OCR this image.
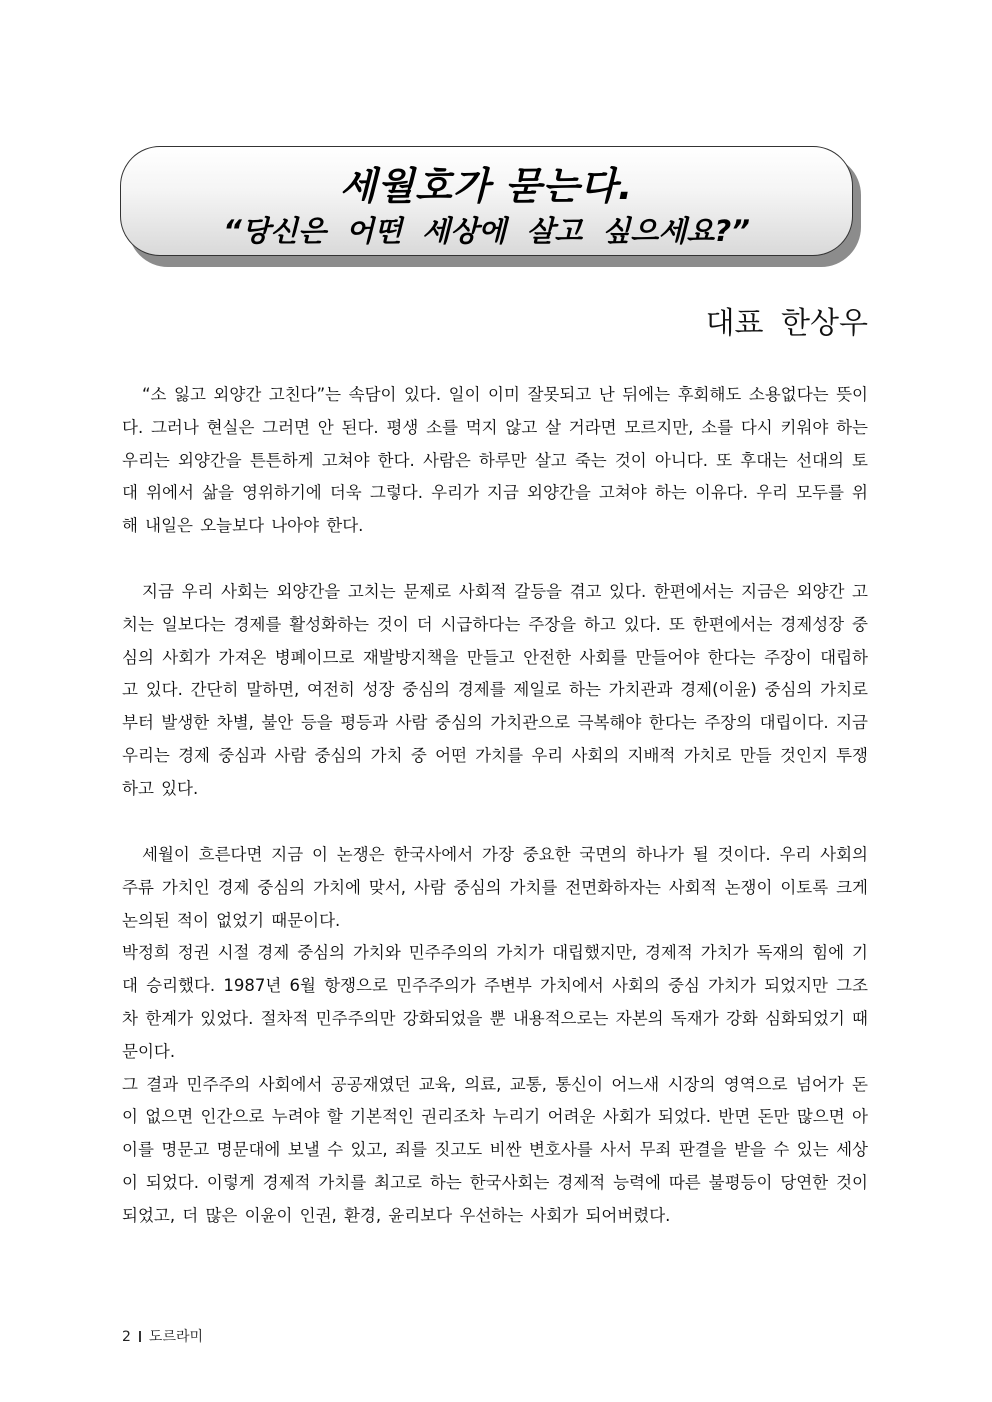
세월호가 묻는다.
“당신은 어떤 세상에 살고 싶으세요?”
대표 한상우

“소 잃고 외양간 고친다”는 속담이 있다. 일이 이미 잘못되고 난 뒤에는 후회해도 소용없다는 뜻이다. 그러나 현실은 그러면 안 된다. 평생 소를 먹지 않고 살 거라면 모르지만, 소를 다시 키워야 하는 우리는 외양간을 튼튼하게 고쳐야 한다. 사람은 하루만 살고 죽는 것이 아니다. 또 후대는 선대의 토대 위에서 삶을 영위하기에 더욱 그렇다. 우리가 지금 외양간을 고쳐야 하는 이유다. 우리 모두를 위해 내일은 오늘보다 나아야 한다.

지금 우리 사회는 외양간을 고치는 문제로 사회적 갈등을 겪고 있다. 한편에서는 지금은 외양간 고치는 일보다는 경제를 활성화하는 것이 더 시급하다는 주장을 하고 있다. 또 한편에서는 경제성장 중심의 사회가 가져온 병폐이므로 재발방지책을 만들고 안전한 사회를 만들어야 한다는 주장이 대립하고 있다. 간단히 말하면, 여전히 성장 중심의 경제를 제일로 하는 가치관과 경제(이윤) 중심의 가치로부터 발생한 차별, 불안 등을 평등과 사람 중심의 가치관으로 극복해야 한다는 주장의 대립이다. 지금 우리는 경제 중심과 사람 중심의 가치 중 어떤 가치를 우리 사회의 지배적 가치로 만들 것인지 투쟁하고 있다.

세월이 흐른다면 지금 이 논쟁은 한국사에서 가장 중요한 국면의 하나가 될 것이다. 우리 사회의 주류 가치인 경제 중심의 가치에 맞서, 사람 중심의 가치를 전면화하자는 사회적 논쟁이 이토록 크게 논의된 적이 없었기 때문이다.

박정희 정권 시절 경제 중심의 가치와 민주주의의 가치가 대립했지만, 경제적 가치가 독재의 힘에 기대 승리했다. 1987년 6월 항쟁으로 민주주의가 주변부 가치에서 사회의 중심 가치가 되었지만 그조차 한계가 있었다. 절차적 민주주의만 강화되었을 뿐 내용적으로는 자본의 독재가 강화 심화되었기 때문이다.

그 결과 민주주의 사회에서 공공재였던 교육, 의료, 교통, 통신이 어느새 시장의 영역으로 넘어가 돈이 없으면 인간으로 누려야 할 기본적인 권리조차 누리기 어려운 사회가 되었다. 반면 돈만 많으면 아이를 명문고 명문대에 보낼 수 있고, 죄를 짓고도 비싼 변호사를 사서 무죄 판결을 받을 수 있는 세상이 되었다. 이렇게 경제적 가치를 최고로 하는 한국사회는 경제적 능력에 따른 불평등이 당연한 것이 되었고, 더 많은 이윤이 인권, 환경, 윤리보다 우선하는 사회가 되어버렸다.

2 도르라미
